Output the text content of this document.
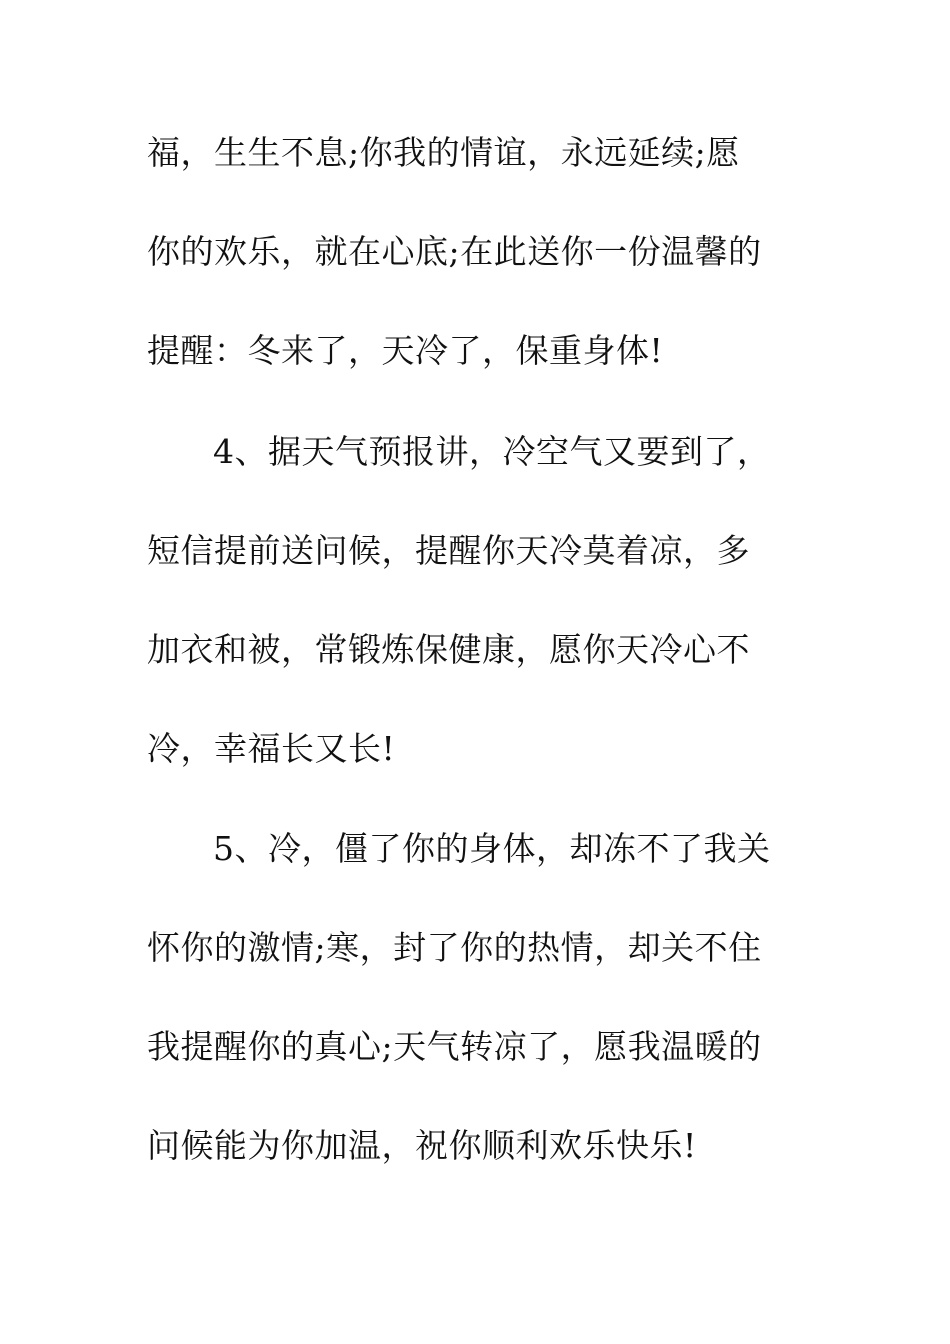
福，生生不息;你我的情谊，永远延续;愿

你的欢乐，就在心底;在此送你一份温馨的

提醒：冬来了，天冷了，保重身体!

4、据天气预报讲，冷空气又要到了，

短信提前送问候，提醒你天冷莫着凉，多

加衣和被，常锻炼保健康，愿你天冷心不

冷，幸福长又长!

5、冷，僵了你的身体，却冻不了我关

怀你的激情;寒，封了你的热情，却关不住

我提醒你的真心;天气转凉了，愿我温暖的

问候能为你加温，祝你顺利欢乐快乐!
